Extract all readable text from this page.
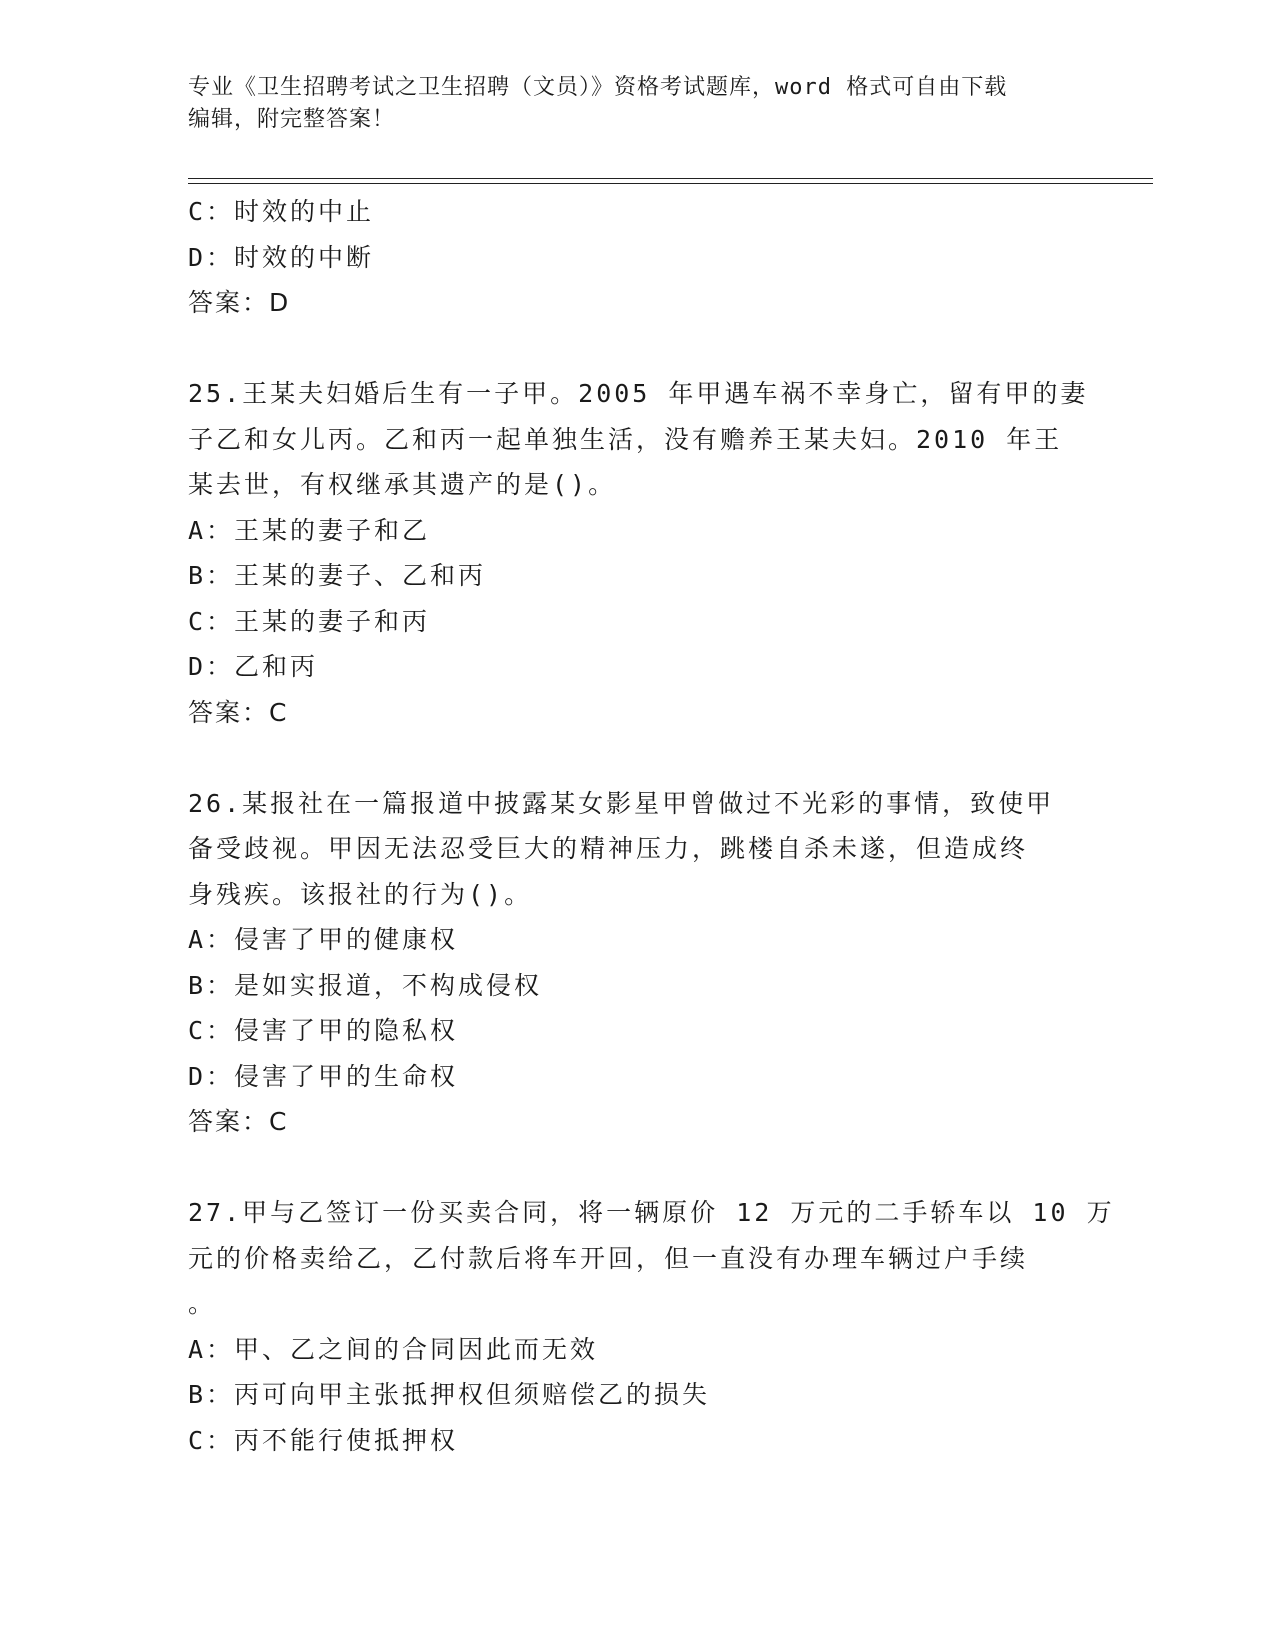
专业《卫生招聘考试之卫生招聘（文员）》资格考试题库，word 格式可自由下载
编辑，附完整答案！
C：时效的中止
D：时效的中断
答案：D
25.王某夫妇婚后生有一子甲。2005 年甲遇车祸不幸身亡，留有甲的妻
子乙和女儿丙。乙和丙一起单独生活，没有赡养王某夫妇。2010 年王
某去世，有权继承其遗产的是()。
A：王某的妻子和乙
B：王某的妻子、乙和丙
C：王某的妻子和丙
D：乙和丙
答案：C
26.某报社在一篇报道中披露某女影星甲曾做过不光彩的事情，致使甲
备受歧视。甲因无法忍受巨大的精神压力，跳楼自杀未遂，但造成终
身残疾。该报社的行为()。
A：侵害了甲的健康权
B：是如实报道，不构成侵权
C：侵害了甲的隐私权
D：侵害了甲的生命权
答案：C
27.甲与乙签订一份买卖合同，将一辆原价 12 万元的二手轿车以 10 万
元的价格卖给乙，乙付款后将车开回，但一直没有办理车辆过户手续
。
A：甲、乙之间的合同因此而无效
B：丙可向甲主张抵押权但须赔偿乙的损失
C：丙不能行使抵押权
